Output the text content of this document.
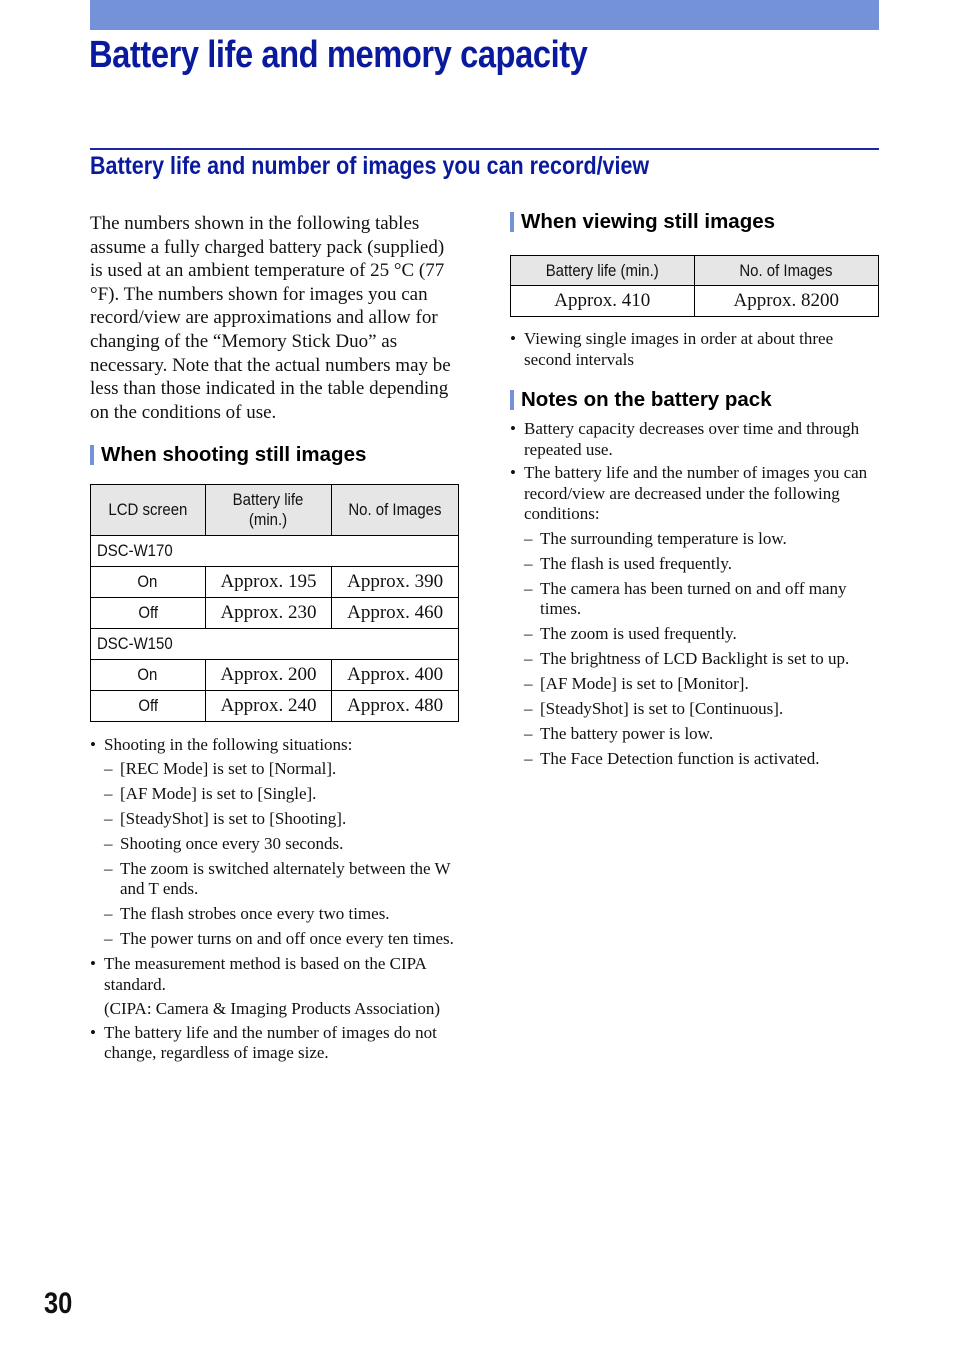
Battery life and memory capacity
Battery life and number of images you can record/view

The numbers shown in the following tables assume a fully charged battery pack (supplied) is used at an ambient temperature of 25 °C (77 °F). The numbers shown for images you can record/view are approximations and allow for changing of the “Memory Stick Duo” as necessary. Note that the actual numbers may be less than those indicated in the table depending on the conditions of use.

When shooting still images
LCD screen	Battery life (min.)	No. of Images
DSC-W170		
On	Approx. 195	Approx. 390
Off	Approx. 230	Approx. 460
DSC-W150		
On	Approx. 200	Approx. 400
Off	Approx. 240	Approx. 480
• Shooting in the following situations:
– [REC Mode] is set to [Normal].
– [AF Mode] is set to [Single].
– [SteadyShot] is set to [Shooting].
– Shooting once every 30 seconds.
– The zoom is switched alternately between the W and T ends.
– The flash strobes once every two times.
– The power turns on and off once every ten times.
• The measurement method is based on the CIPA standard.
(CIPA: Camera & Imaging Products Association)
• The battery life and the number of images do not change, regardless of image size.
When viewing still images
Battery life (min.)	No. of Images
Approx. 410	Approx. 8200
• Viewing single images in order at about three second intervals
Notes on the battery pack
• Battery capacity decreases over time and through repeated use.
• The battery life and the number of images you can record/view are decreased under the following conditions:
– The surrounding temperature is low.
– The flash is used frequently.
– The camera has been turned on and off many times.
– The zoom is used frequently.
– The brightness of LCD Backlight is set to up.
– [AF Mode] is set to [Monitor].
– [SteadyShot] is set to [Continuous].
– The battery power is low.
– The Face Detection function is activated.
30
